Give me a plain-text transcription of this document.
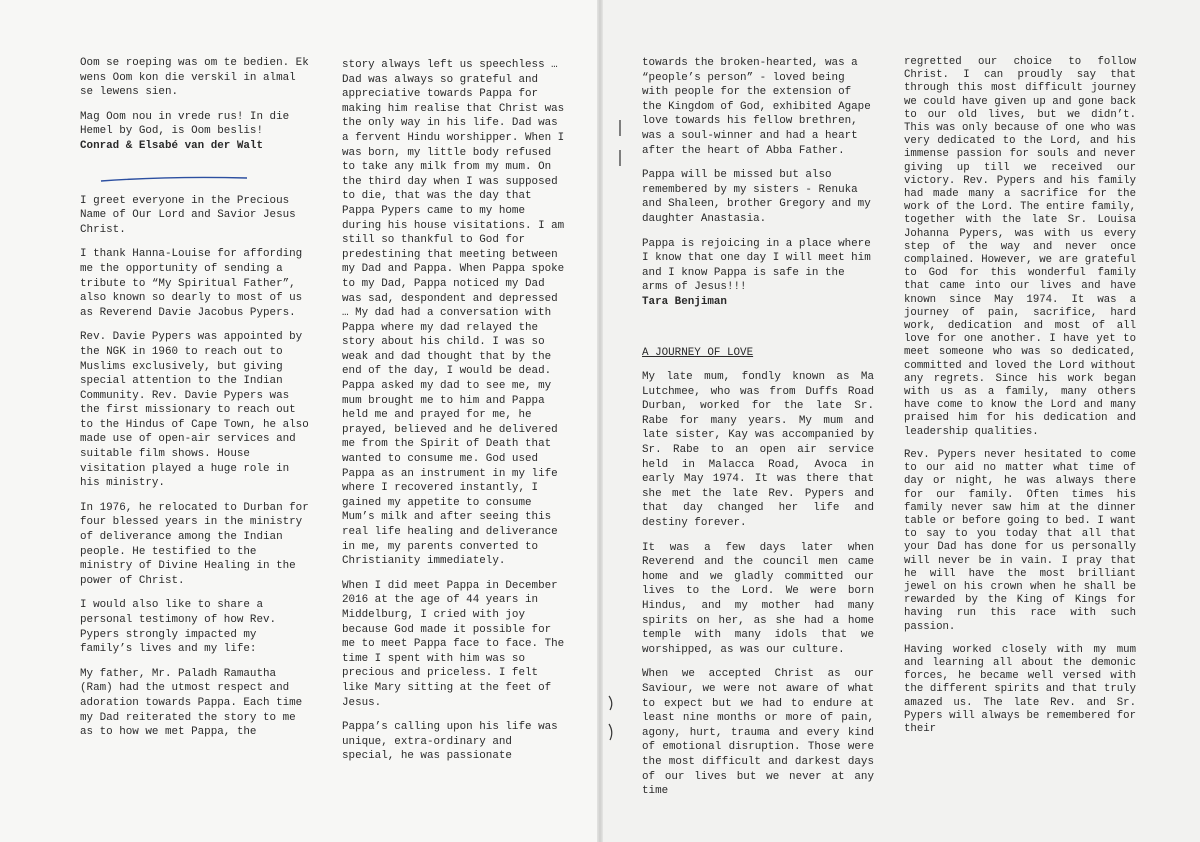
Oom se roeping was om te bedien. Ek wens Oom kon die verskil in almal se lewens sien.

Mag Oom nou in vrede rus! In die Hemel by God, is Oom beslis!
Conrad & Elsabé van der Walt

I greet everyone in the Precious Name of Our Lord and Savior Jesus Christ.

I thank Hanna-Louise for affording me the opportunity of sending a tribute to “My Spiritual Father”, also known so dearly to most of us as Reverend Davie Jacobus Pypers.

Rev. Davie Pypers was appointed by the NGK in 1960 to reach out to Muslims exclusively, but giving special attention to the Indian Community. Rev. Davie Pypers was the first missionary to reach out to the Hindus of Cape Town, he also made use of open-air services and suitable film shows. House visitation played a huge role in his ministry.

In 1976, he relocated to Durban for four blessed years in the ministry of deliverance among the Indian people. He testified to the ministry of Divine Healing in the power of Christ.

I would also like to share a personal testimony of how Rev. Pypers strongly impacted my family’s lives and my life:

My father, Mr. Paladh Ramautha (Ram) had the utmost respect and adoration towards Pappa. Each time my Dad reiterated the story to me as to how we met Pappa, the

story always left us speechless … Dad was always so grateful and appreciative towards Pappa for making him realise that Christ was the only way in his life. Dad was a fervent Hindu worshipper. When I was born, my little body refused to take any milk from my mum. On the third day when I was supposed to die, that was the day that Pappa Pypers came to my home during his house visitations. I am still so thankful to God for predestining that meeting between my Dad and Pappa. When Pappa spoke to my Dad, Pappa noticed my Dad was sad, despondent and depressed … My dad had a conversation with Pappa where my dad relayed the story about his child. I was so weak and dad thought that by the end of the day, I would be dead. Pappa asked my dad to see me, my mum brought me to him and Pappa held me and prayed for me, he prayed, believed and he delivered me from the Spirit of Death that wanted to consume me. God used Pappa as an instrument in my life where I recovered instantly, I gained my appetite to consume Mum’s milk and after seeing this real life healing and deliverance in me, my parents converted to Christianity immediately.

When I did meet Pappa in December 2016 at the age of 44 years in Middelburg, I cried with joy because God made it possible for me to meet Pappa face to face. The time I spent with him was so precious and priceless. I felt like Mary sitting at the feet of Jesus.

Pappa’s calling upon his life was unique, extra-ordinary and special, he was passionate

towards the broken-hearted, was a “people’s person” - loved being with people for the extension of the Kingdom of God, exhibited Agape love towards his fellow brethren, was a soul-winner and had a heart after the heart of Abba Father.

Pappa will be missed but also remembered by my sisters - Renuka and Shaleen, brother Gregory and my daughter Anastasia.

Pappa is rejoicing in a place where I know that one day I will meet him and I know Pappa is safe in the arms of Jesus!!!
Tara Benjiman

A JOURNEY OF LOVE

My late mum, fondly known as Ma Lutchmee, who was from Duffs Road Durban, worked for the late Sr. Rabe for many years. My mum and late sister, Kay was accompanied by Sr. Rabe to an open air service held in Malacca Road, Avoca in early May 1974. It was there that she met the late Rev. Pypers and that day changed her life and destiny forever.

It was a few days later when Reverend and the council men came home and we gladly committed our lives to the Lord. We were born Hindus, and my mother had many spirits on her, as she had a home temple with many idols that we worshipped, as was our culture.

When we accepted Christ as our Saviour, we were not aware of what to expect but we had to endure at least nine months or more of pain, agony, hurt, trauma and every kind of emotional disruption. Those were the most difficult and darkest days of our lives but we never at any time

regretted our choice to follow Christ. I can proudly say that through this most difficult journey we could have given up and gone back to our old lives, but we didn’t. This was only because of one who was very dedicated to the Lord, and his immense passion for souls and never giving up till we received our victory. Rev. Pypers and his family had made many a sacrifice for the work of the Lord. The entire family, together with the late Sr. Louisa Johanna Pypers, was with us every step of the way and never once complained. However, we are grateful to God for this wonderful family that came into our lives and have known since May 1974. It was a journey of pain, sacrifice, hard work, dedication and most of all love for one another. I have yet to meet someone who was so dedicated, committed and loved the Lord without any regrets. Since his work began with us as a family, many others have come to know the Lord and many praised him for his dedication and leadership qualities.

Rev. Pypers never hesitated to come to our aid no matter what time of day or night, he was always there for our family. Often times his family never saw him at the dinner table or before going to bed. I want to say to you today that all that your Dad has done for us personally will never be in vain. I pray that he will have the most brilliant jewel on his crown when he shall be rewarded by the King of Kings for having run this race with such passion.

Having worked closely with my mum and learning all about the demonic forces, he became well versed with the different spirits and that truly amazed us. The late Rev. and Sr. Pypers will always be remembered for their
